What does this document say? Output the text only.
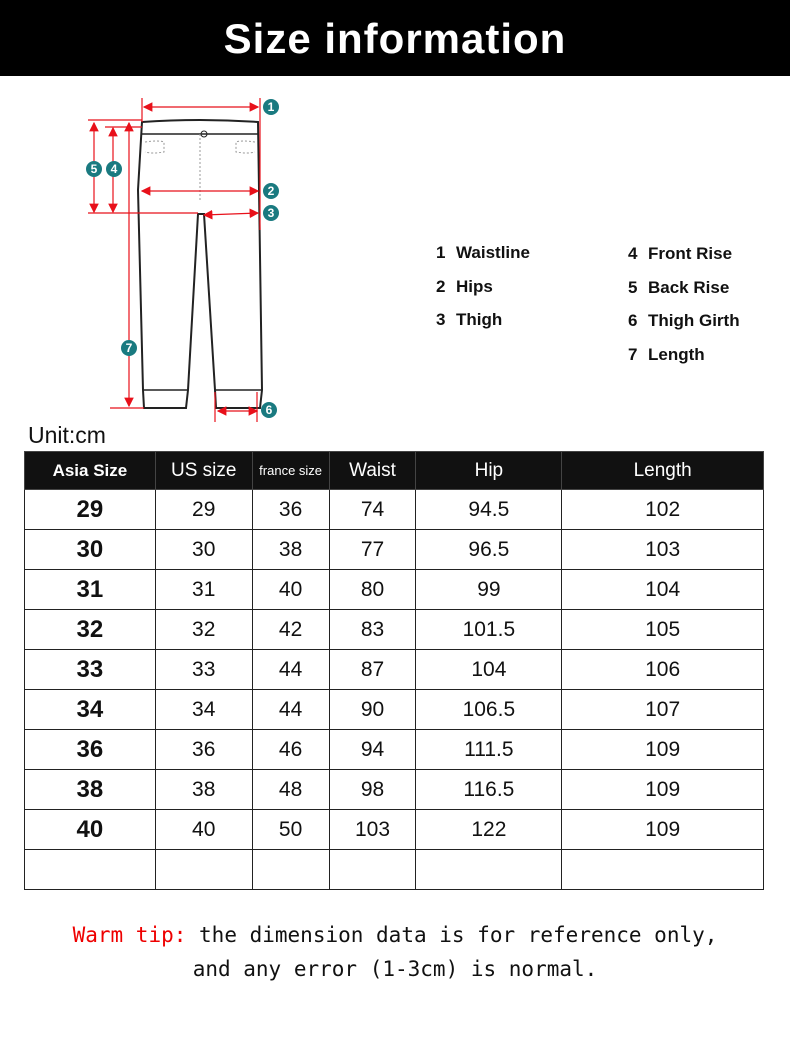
Size information
1
2
3
4
5
6
7
1 Waistline
2 Hips
3 Thigh
4 Front Rise
5 Back Rise
6 Thigh Girth
7 Length
Unit:cm
Asia Size	US size	france size	Waist	Hip	Length
29	29	36	74	94.5	102
30	30	38	77	96.5	103
31	31	40	80	99	104
32	32	42	83	101.5	105
33	33	44	87	104	106
34	34	44	90	106.5	107
36	36	46	94	111.5	109
38	38	48	98	116.5	109
40	40	50	103	122	109

Warm tip: the dimension data is for reference only,
and any error (1-3cm) is normal.
